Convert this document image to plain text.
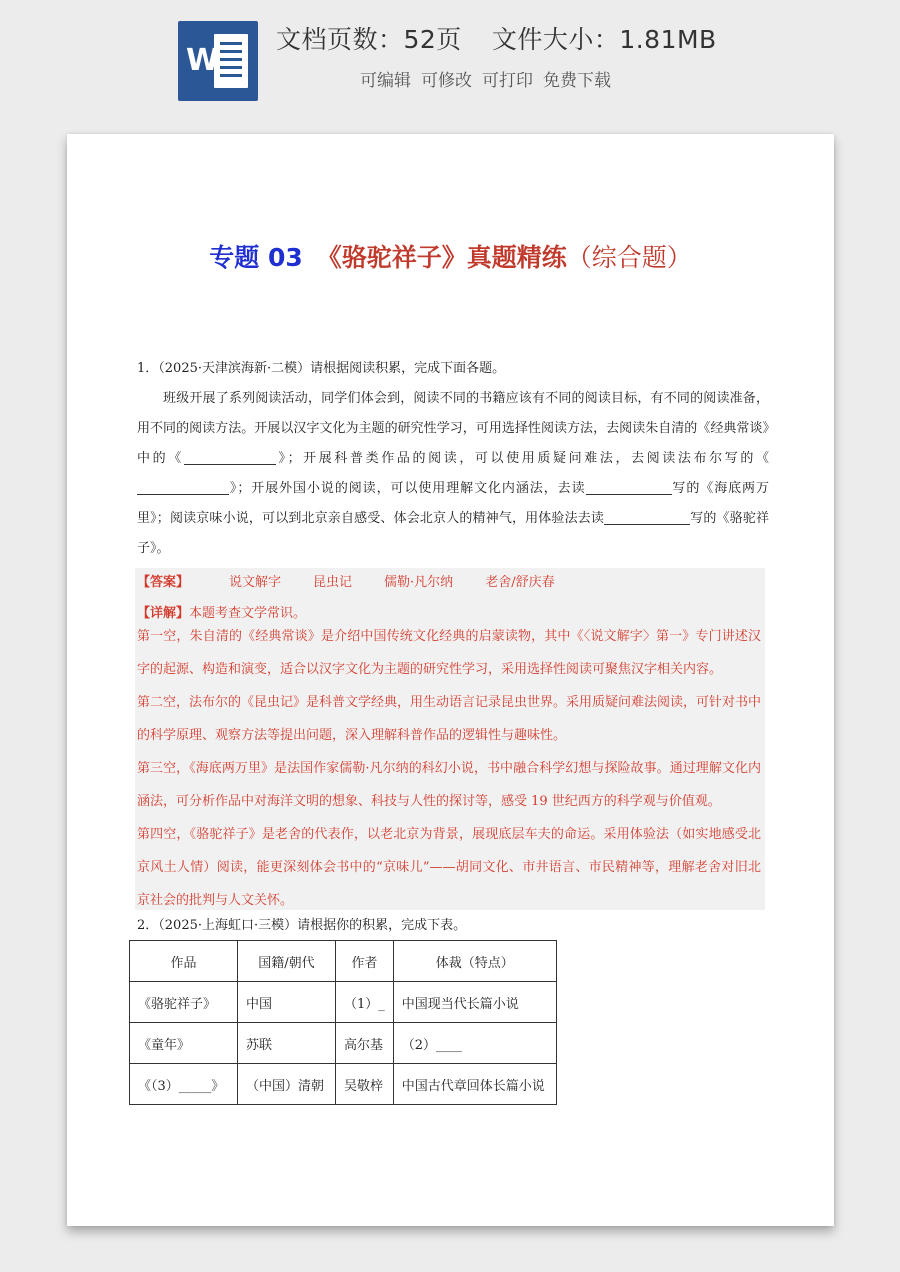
W
文档页数：52页 文件大小：1.81MB
可编辑 可修改 可打印 免费下载
专题 03 《骆驼祥子》真题精练（综合题）
1．（2025·天津滨海新·二模）请根据阅读积累，完成下面各题。
班级开展了系列阅读活动，同学们体会到，阅读不同的书籍应该有不同的阅读目标，有不同的阅读准备，用不同的阅读方法。开展以汉字文化为主题的研究性学习，可用选择性阅读方法，去阅读朱自清的《经典常谈》中的《	》；开展科普类作品的阅读，可以使用质疑问难法，去阅读法布尔写的《》；开展外国小说的阅读，可以使用理解文化内涵法，去读	写的《海底两万里》；阅读京味小说，可以到北京亲自感受、体会北京人的精神气，用体验法去读	写的《骆驼祥子》。
【答案】	说文解字 昆虫记 儒勒·凡尔纳 老舍/舒庆春
【详解】本题考查文学常识。
第一空，朱自清的《经典常谈》是介绍中国传统文化经典的启蒙读物，其中《〈说文解字〉第一》专门讲述汉字的起源、构造和演变，适合以汉字文化为主题的研究性学习，采用选择性阅读可聚焦汉字相关内容。
第二空，法布尔的《昆虫记》是科普文学经典，用生动语言记录昆虫世界。采用质疑问难法阅读，可针对书中的科学原理、观察方法等提出问题，深入理解科普作品的逻辑性与趣味性。
第三空，《海底两万里》是法国作家儒勒·凡尔纳的科幻小说，书中融合科学幻想与探险故事。通过理解文化内涵法，可分析作品中对海洋文明的想象、科技与人性的探讨等，感受 19 世纪西方的科学观与价值观。
第四空，《骆驼祥子》是老舍的代表作，以老北京为背景，展现底层车夫的命运。采用体验法（如实地感受北京风土人情）阅读，能更深刻体会书中的“京味儿”——胡同文化、市井语言、市民精神等，理解老舍对旧北京社会的批判与人文关怀。
2．（2025·上海虹口·三模）请根据你的积累，完成下表。
作品	国籍/朝代	作者	体裁（特点）
《骆驼祥子》	中国	（1）_	中国现当代长篇小说
《童年》	苏联	高尔基	（2）____
《（3）_____》	（中国）清朝	吴敬梓	中国古代章回体长篇小说
